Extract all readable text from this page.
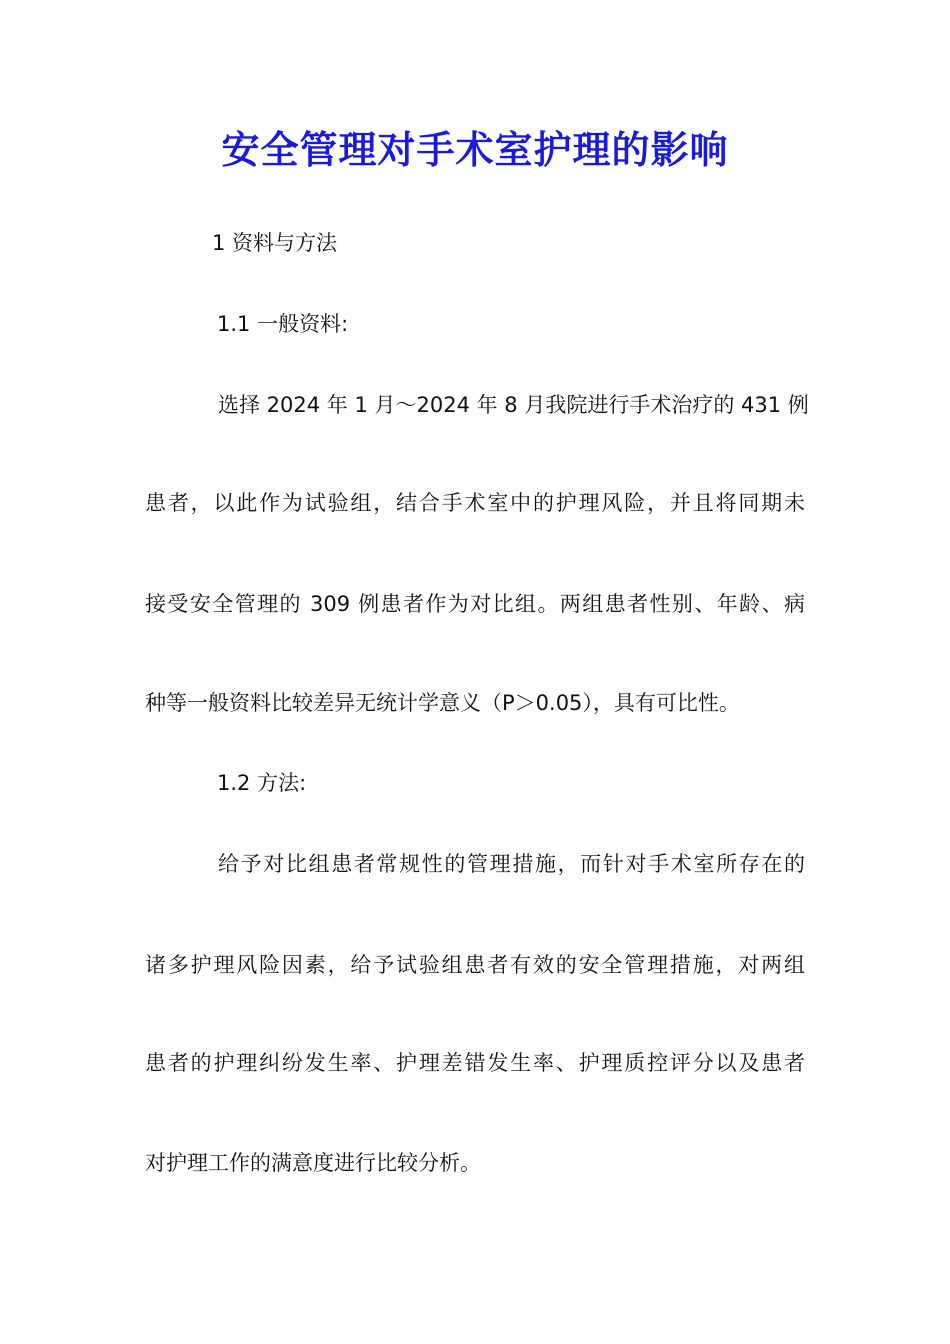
安全管理对手术室护理的影响

1 资料与方法

1.1 一般资料:

选择 2024 年 1 月～2024 年 8 月我院进行手术治疗的 431 例

患者，以此作为试验组，结合手术室中的护理风险，并且将同期未

接受安全管理的 309 例患者作为对比组。两组患者性别、年龄、病

种等一般资料比较差异无统计学意义（P＞0.05），具有可比性。

1.2 方法:

给予对比组患者常规性的管理措施，而针对手术室所存在的

诸多护理风险因素，给予试验组患者有效的安全管理措施，对两组

患者的护理纠纷发生率、护理差错发生率、护理质控评分以及患者

对护理工作的满意度进行比较分析。
